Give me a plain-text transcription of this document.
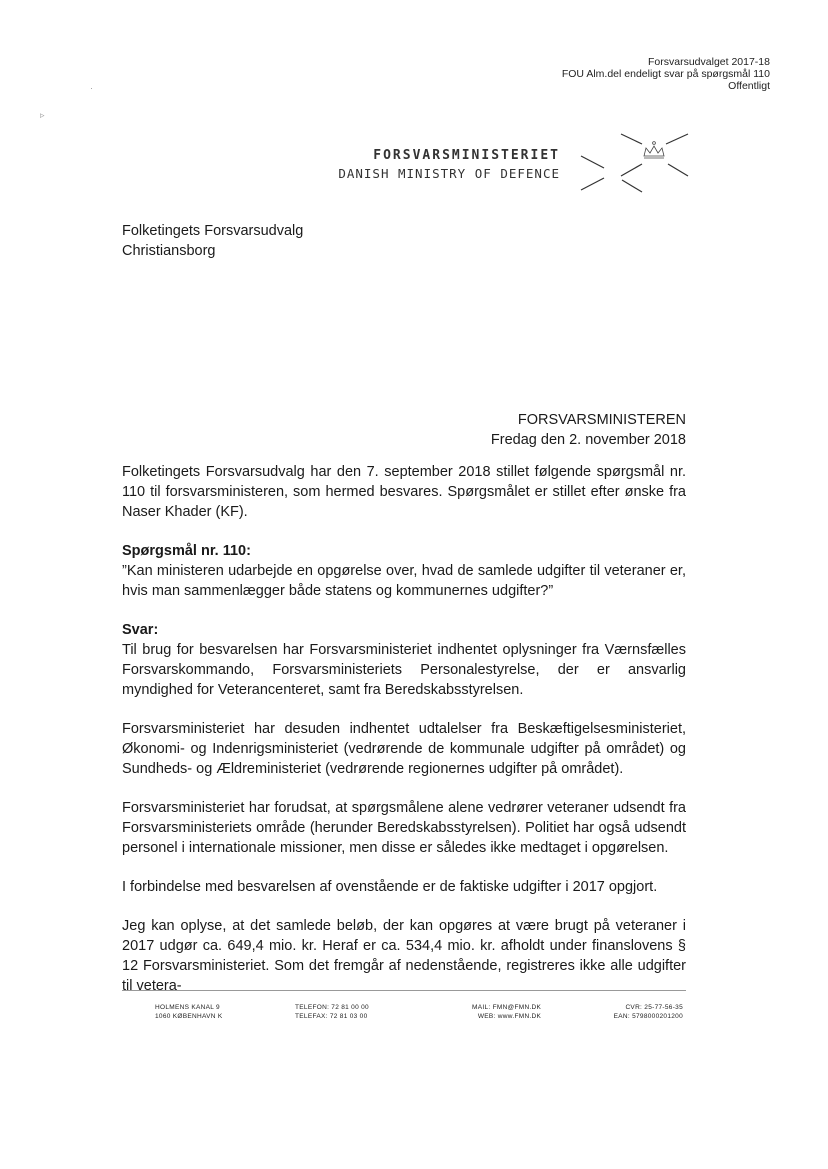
Forsvarsudvalget 2017-18
FOU Alm.del endeligt svar på spørgsmål 110
Offentligt
·
▹
FORSVARSMINISTERIET
DANISH MINISTRY OF DEFENCE
Folketingets Forsvarsudvalg
Christiansborg
FORSVARSMINISTEREN
Fredag den 2. november 2018

Folketingets Forsvarsudvalg har den 7. september 2018 stillet følgende spørgsmål nr. 110 til forsvarsministeren, som hermed besvares. Spørgsmålet er stillet efter ønske fra Naser Khader (KF).

Spørgsmål nr. 110:

”Kan ministeren udarbejde en opgørelse over, hvad de samlede udgifter til veteraner er, hvis man sammenlægger både statens og kommunernes udgifter?”

Svar:

Til brug for besvarelsen har Forsvarsministeriet indhentet oplysninger fra Værnsfælles Forsvarskommando, Forsvarsministeriets Personalestyrelse, der er ansvarlig myndighed for Veterancenteret, samt fra Beredskabsstyrelsen.

Forsvarsministeriet har desuden indhentet udtalelser fra Beskæftigelsesministeriet, Økonomi- og Indenrigsministeriet (vedrørende de kommunale udgifter på området) og Sundheds- og Ældreministeriet (vedrørende regionernes udgifter på området).

Forsvarsministeriet har forudsat, at spørgsmålene alene vedrører veteraner udsendt fra Forsvarsministeriets område (herunder Beredskabsstyrelsen). Politiet har også udsendt personel i internationale missioner, men disse er således ikke medtaget i opgørelsen.

I forbindelse med besvarelsen af ovenstående er de faktiske udgifter i 2017 opgjort.

Jeg kan oplyse, at det samlede beløb, der kan opgøres at være brugt på veteraner i 2017 udgør ca. 649,4 mio. kr. Heraf er ca. 534,4 mio. kr. afholdt under finanslovens § 12 Forsvarsministeriet. Som det fremgår af nedenstående, registreres ikke alle udgifter til vetera-

HOLMENS KANAL 9
1060 KØBENHAVN K
TELEFON: 72 81 00 00
TELEFAX: 72 81 03 00
MAIL: FMN@FMN.DK
WEB: www.FMN.DK
CVR: 25-77-56-35
EAN: 5798000201200
